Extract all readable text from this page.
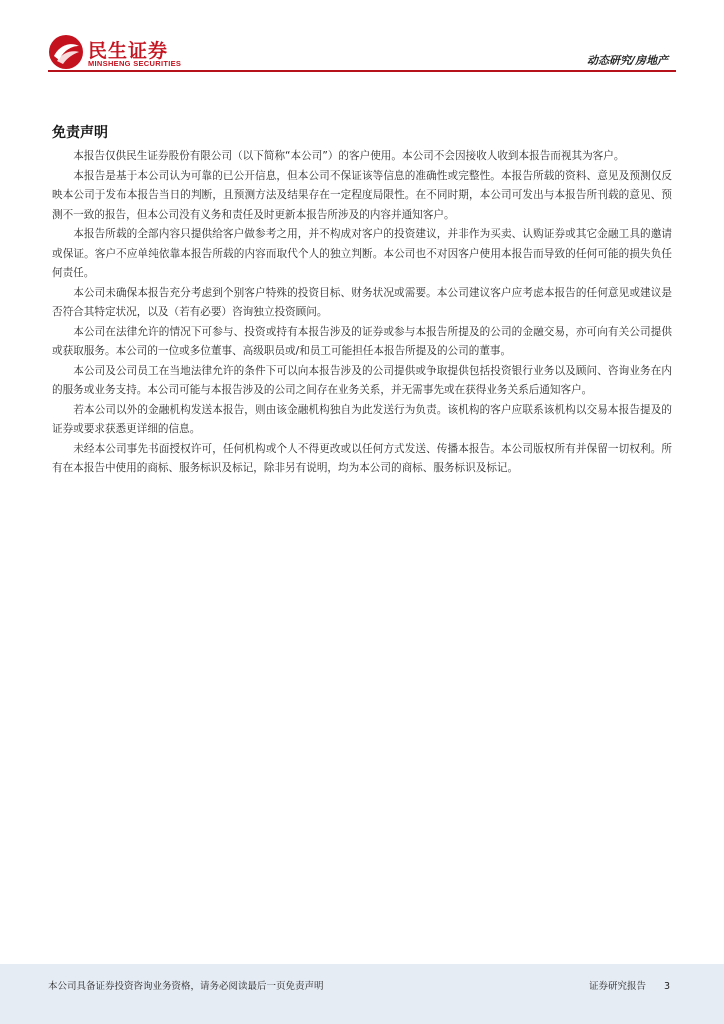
民生证券
MINSHENG SECURITIES	动态研究/房地产
免责声明

本报告仅供民生证券股份有限公司（以下简称“本公司”）的客户使用。本公司不会因接收人收到本报告而视其为客户。

本报告是基于本公司认为可靠的已公开信息，但本公司不保证该等信息的准确性或完整性。本报告所载的资料、意见及预测仅反映本公司于发布本报告当日的判断，且预测方法及结果存在一定程度局限性。在不同时期，本公司可发出与本报告所刊载的意见、预测不一致的报告，但本公司没有义务和责任及时更新本报告所涉及的内容并通知客户。

本报告所载的全部内容只提供给客户做参考之用，并不构成对客户的投资建议，并非作为买卖、认购证券或其它金融工具的邀请或保证。客户不应单纯依靠本报告所载的内容而取代个人的独立判断。本公司也不对因客户使用本报告而导致的任何可能的损失负任何责任。

本公司未确保本报告充分考虑到个别客户特殊的投资目标、财务状况或需要。本公司建议客户应考虑本报告的任何意见或建议是否符合其特定状况，以及（若有必要）咨询独立投资顾问。

本公司在法律允许的情况下可参与、投资或持有本报告涉及的证券或参与本报告所提及的公司的金融交易，亦可向有关公司提供或获取服务。本公司的一位或多位董事、高级职员或/和员工可能担任本报告所提及的公司的董事。

本公司及公司员工在当地法律允许的条件下可以向本报告涉及的公司提供或争取提供包括投资银行业务以及顾问、咨询业务在内的服务或业务支持。本公司可能与本报告涉及的公司之间存在业务关系，并无需事先或在获得业务关系后通知客户。

若本公司以外的金融机构发送本报告，则由该金融机构独自为此发送行为负责。该机构的客户应联系该机构以交易本报告提及的证券或要求获悉更详细的信息。

未经本公司事先书面授权许可，任何机构或个人不得更改或以任何方式发送、传播本报告。本公司版权所有并保留一切权利。所有在本报告中使用的商标、服务标识及标记，除非另有说明，均为本公司的商标、服务标识及标记。

本公司具备证券投资咨询业务资格，请务必阅读最后一页免责声明	证券研究报告 3
